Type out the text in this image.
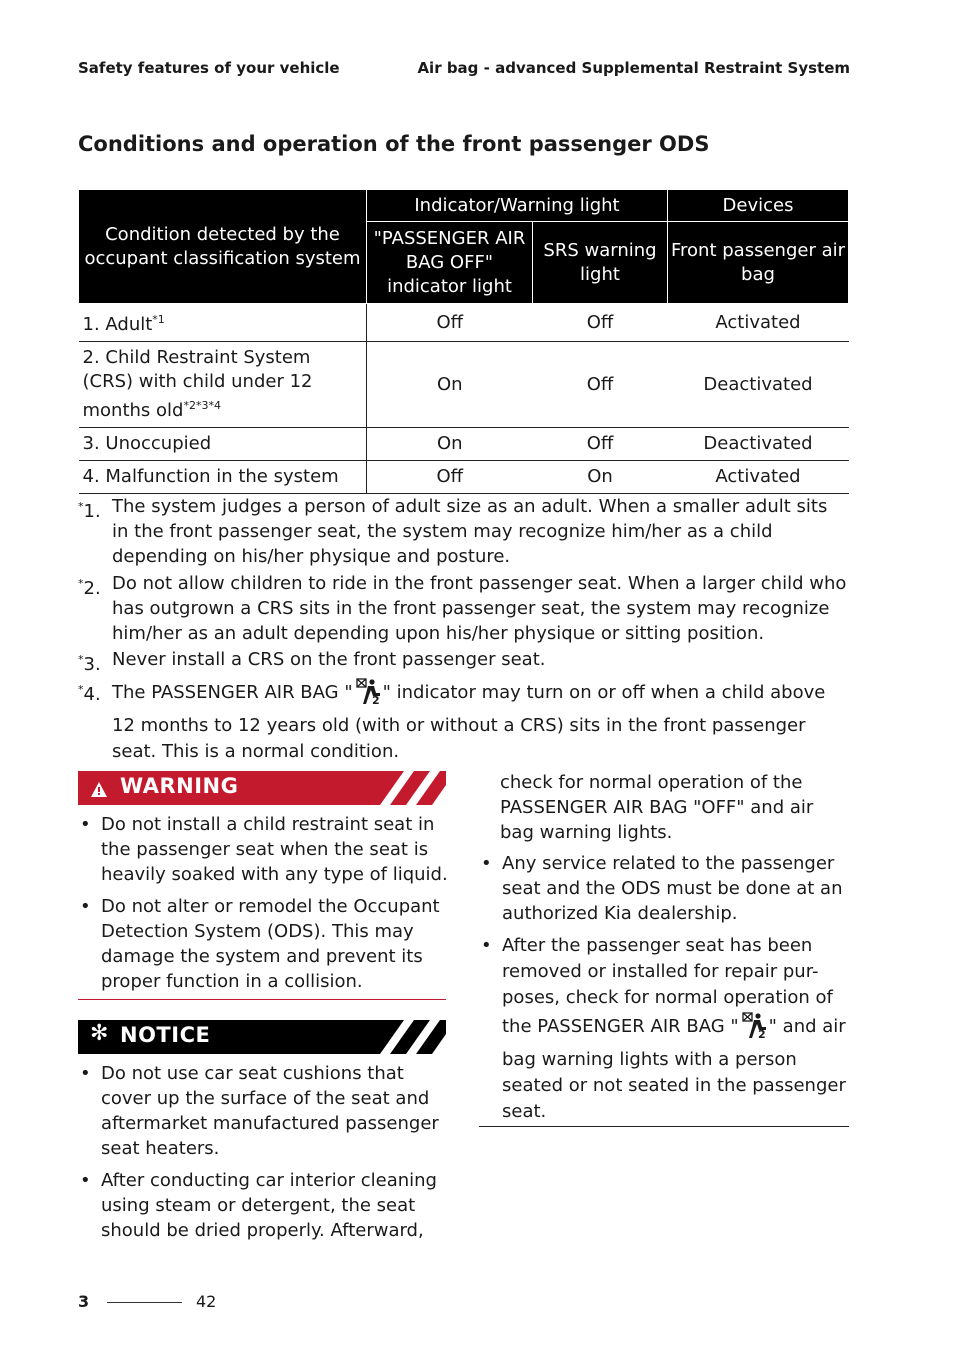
Safety features of your vehicle	Air bag - advanced Supplemental Restraint System
Conditions and operation of the front passenger ODS
Condition detected by the occupant classification system	Indicator/Warning light		Devices
	"PASSENGER AIR BAG OFF" indicator light	SRS warning light	Front passenger air bag
1. Adult$^{*1}$	Off	Off	Activated
2. Child Restraint System (CRS) with child under 12 months old$^{*2*3*4}$	On	Off	Deactivated
3. Unoccupied	On	Off	Deactivated
4. Malfunction in the system	Off	On	Activated
*1. The system judges a person of adult size as an adult. When a smaller adult sits in the front passenger seat, the system may recognize him/her as a child depending on his/her physique and posture.
*2. Do not allow children to ride in the front passenger seat. When a larger child who has outgrown a CRS sits in the front passenger seat, the system may recognize him/her as an adult depending upon his/her physique or sitting position.
*3. Never install a CRS on the front passenger seat.
*4. The PASSENGER AIR BAG " 2 " indicator may turn on or off when a child above 12 months to 12 years old (with or without a CRS) sits in the front passenger seat. This is a normal condition.
WARNING
• Do not install a child restraint seat in the passenger seat when the seat is heavily soaked with any type of liquid.
• Do not alter or remodel the Occupant Detection System (ODS). This may damage the system and prevent its proper function in a collision.
✻ NOTICE
• Do not use car seat cushions that cover up the surface of the seat and aftermarket manufactured passenger seat heaters.
• After conducting car interior cleaning using steam or detergent, the seat should be dried properly. Afterward,
check for normal operation of the PASSENGER AIR BAG "OFF" and air bag warning lights.
• Any service related to the passenger seat and the ODS must be done at an authorized Kia dealership.
• After the passenger seat has been removed or installed for repair pur-poses, check for normal operation of the PASSENGER AIR BAG " 2 " and air bag warning lights with a person seated or not seated in the passenger seat.
3	42
